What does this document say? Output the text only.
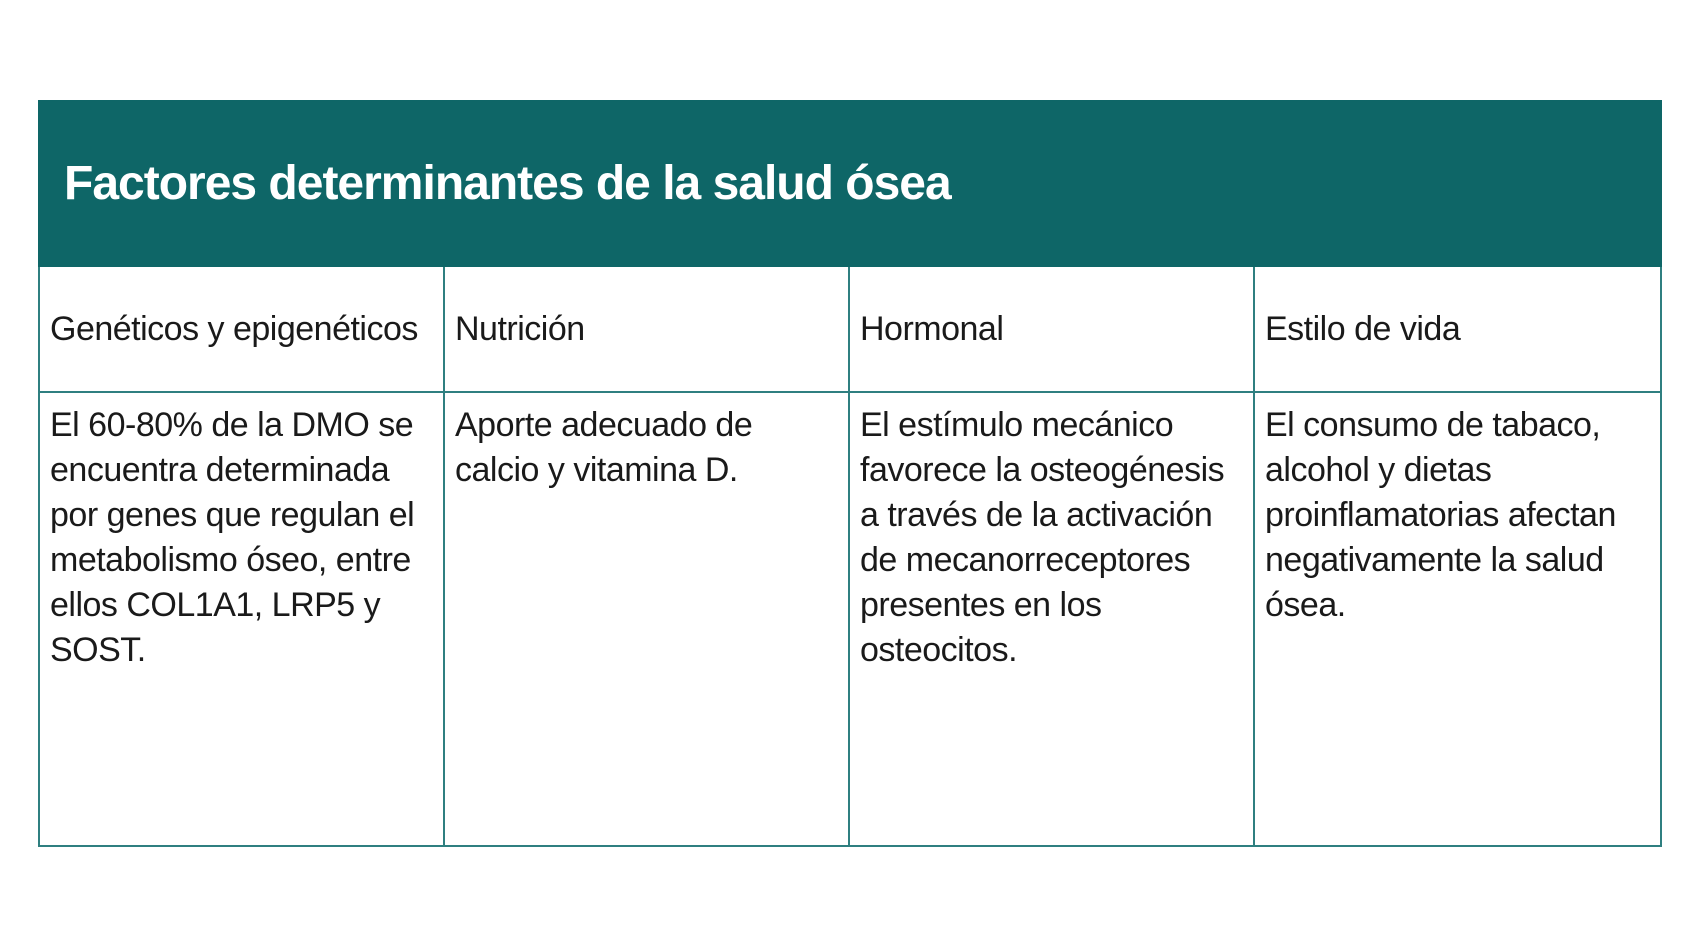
Factores determinantes de la salud ósea			
Genéticos y epigenéticos	Nutrición	Hormonal	Estilo de vida
El 60-80% de la DMO se encuentra determinada por genes que regulan el metabolismo óseo, entre ellos COL1A1, LRP5 y SOST.	Aporte adecuado de calcio y vitamina D.	El estímulo mecánico favorece la osteogénesis a través de la activación de mecanorreceptores presentes en los osteocitos.	El consumo de tabaco, alcohol y dietas proinflamatorias afectan negativamente la salud ósea.
